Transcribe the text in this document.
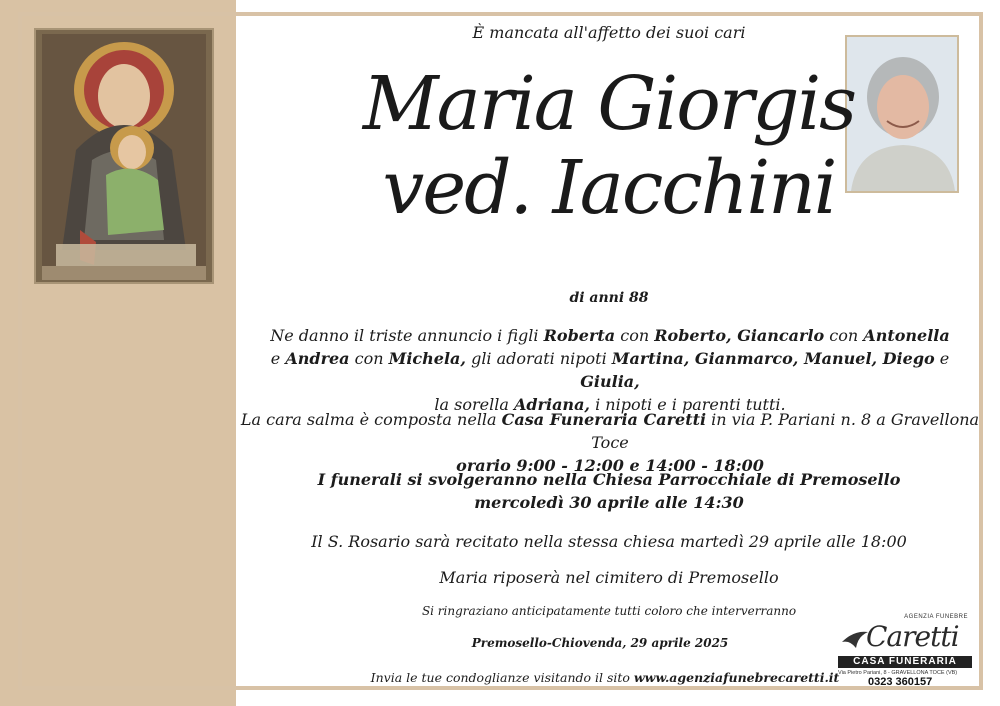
È mancata all'affetto dei suoi cari
Maria Giorgis
ved. Iacchini
di anni 88
Ne danno il triste annuncio i figli Roberta con Roberto, Giancarlo con Antonella
e Andrea con Michela, gli adorati nipoti Martina, Gianmarco, Manuel, Diego e Giulia,
la sorella Adriana, i nipoti e i parenti tutti.
La cara salma è composta nella Casa Funeraria Caretti in via P. Pariani n. 8 a Gravellona Toce
orario 9:00 - 12:00 e 14:00 - 18:00
I funerali si svolgeranno nella Chiesa Parrocchiale di Premosello
mercoledì 30 aprile alle 14:30
Il S. Rosario sarà recitato nella stessa chiesa martedì 29 aprile alle 18:00
Maria riposerà nel cimitero di Premosello
Si ringraziano anticipatamente tutti coloro che interverranno
Premosello-Chiovenda, 29 aprile 2025
Invia le tue condoglianze visitando il sito www.agenziafunebrecaretti.it
AGENZIA FUNEBRE
Caretti
CASA FUNERARIA
Via Pietro Pariani, 8 - GRAVELLONA TOCE (VB)
0323 360157
